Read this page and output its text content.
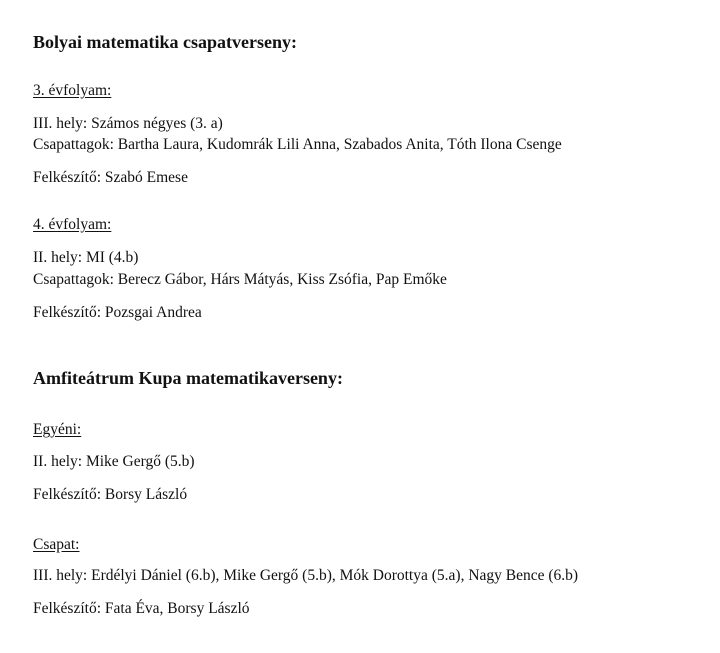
Bolyai matematika csapatverseny:
3. évfolyam:
III. hely: Számos négyes (3. a)
Csapattagok: Bartha Laura, Kudomrák Lili Anna, Szabados Anita, Tóth Ilona Csenge
Felkészítő: Szabó Emese
4. évfolyam:
II. hely: MI (4.b)
Csapattagok: Berecz Gábor, Hárs Mátyás, Kiss Zsófia, Pap Emőke
Felkészítő: Pozsgai Andrea
Amfiteátrum Kupa matematikaverseny:
Egyéni:
II. hely: Mike Gergő (5.b)
Felkészítő: Borsy László
Csapat:
III. hely: Erdélyi Dániel (6.b), Mike Gergő (5.b), Mók Dorottya (5.a), Nagy Bence (6.b)
Felkészítő: Fata Éva, Borsy László
